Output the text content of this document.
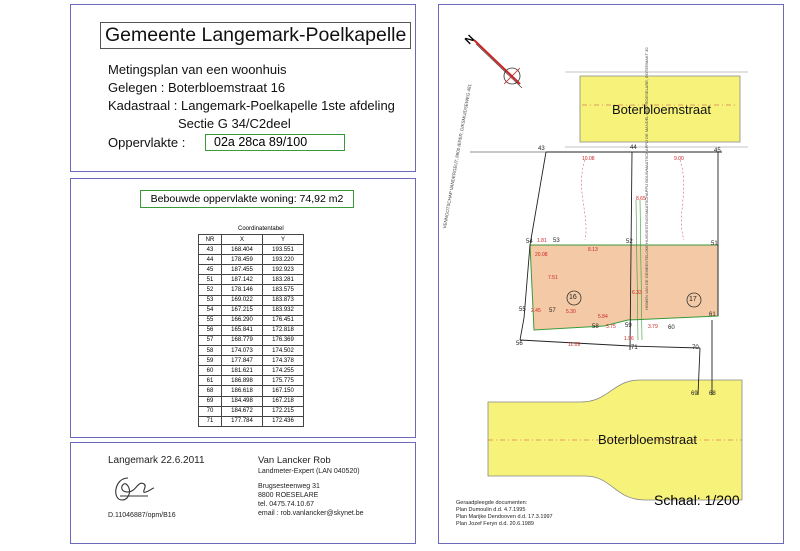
Gemeente Langemark-Poelkapelle
Metingsplan van een woonhuis
Gelegen : Boterbloemstraat 16
Kadastraal : Langemark-Poelkapelle 1ste afdeling
Sectie G 34/C2deel
Oppervlakte :	02a 28ca 89/100
Bebouwde oppervlakte woning: 74,92 m2
Coordinatentabel
NR	X	Y
43	168.404	193.551
44	178.459	193.220
45	187.455	192.923
51	187.142	183.281
52	178.146	183.575
53	169.022	183.873
54	167.215	183.932
55	166.290	176.451
56	165.841	172.818
57	168.779	176.369
58	174.073	174.502
59	177.847	174.378
60	181.621	174.255
61	186.898	175.775
68	186.618	167.150
69	184.498	167.218
70	184.672	172.215
71	177.784	172.436
Langemark 22.6.2011
D.11046887/opm/B16
Van Lancker Rob
Landmeter-Expert (LAN 040520)
Brugsesteenweg 31
8800 ROESELARE
tel. 0475.74.10.67
email : rob.vanlancker@skynet.be
N
Boterbloemstraat
Boterbloemstraat
Schaal: 1/200
Geraadpleegde documenten:
Plan Dumoulin d.d. 4.7.1995
Plan Marijke Dendooven d.d. 17.3.1997
Plan Jozef Feryn d.d. 20.6.1989
16	17
VENNOOTSCHAP VANDERGEUT, 8900 IEPER, DIKSMUIDSEWEG 481	HOMEN VAN DE GEMEENTELIJKE HUISVESTINGSMAATSCHAPPIJ BOUWMAATSCHAPPIJ DE MANDEL 8800 ROESELARE, BOTERMAKT 30
43	44	45
51
52
53
54
55
56
57
58	59	60
61
68
69
70
71
10.08	9.00
8.65
8.13
7.51
20.08
1.81
2.45	5.30
3.75	3.79
11.09
5.84
1.96
6.33
